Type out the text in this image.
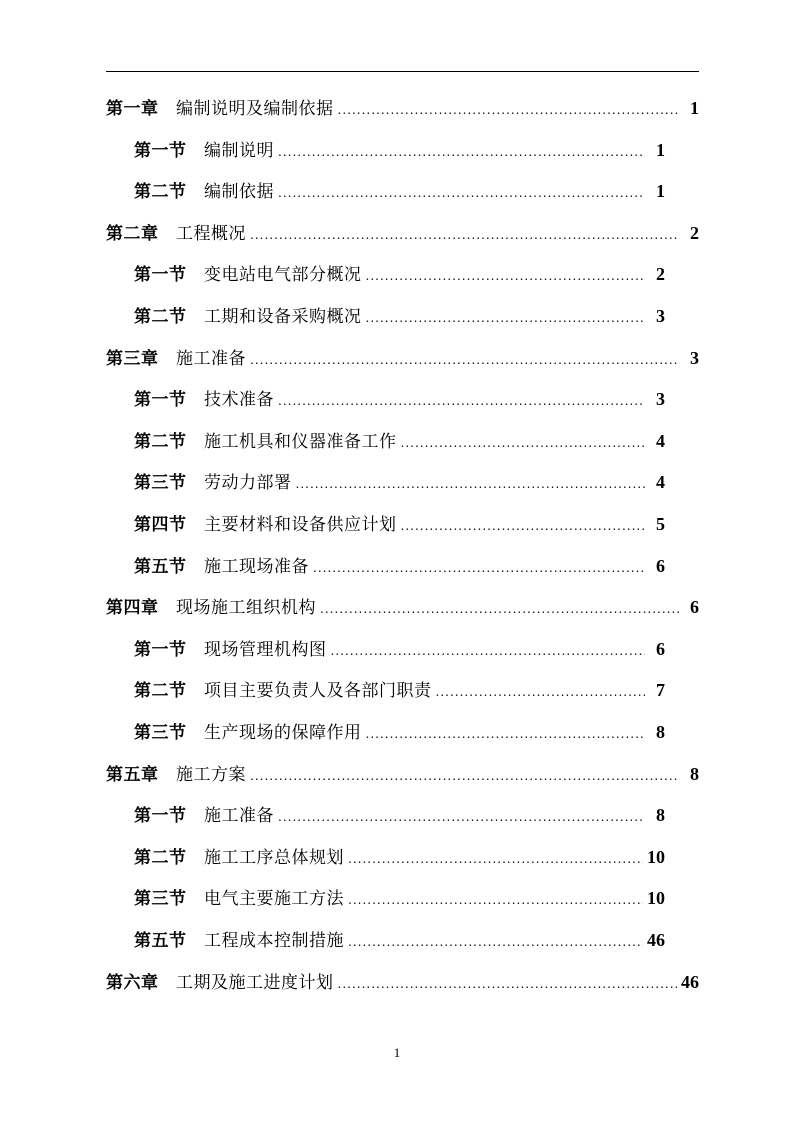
第一章  编制说明及编制依据 .....	1
第一节  编制说明 .....	1
第二节  编制依据 .....	1
第二章  工程概况 .....	2
第一节  变电站电气部分概况 .....	2
第二节  工期和设备采购概况 .....	3
第三章  施工准备 .....	3
第一节  技术准备 .....	3
第二节  施工机具和仪器准备工作 .....	4
第三节  劳动力部署 .....	4
第四节  主要材料和设备供应计划 .....	5
第五节  施工现场准备 .....	6
第四章  现场施工组织机构 .....	6
第一节  现场管理机构图 .....	6
第二节  项目主要负责人及各部门职责 .....	7
第三节  生产现场的保障作用 .....	8
第五章  施工方案 .....	8
第一节  施工准备 .....	8
第二节  施工工序总体规划 .....	10
第三节  电气主要施工方法 .....	10
第五节  工程成本控制措施 .....	46
第六章  工期及施工进度计划 .....	46
1
